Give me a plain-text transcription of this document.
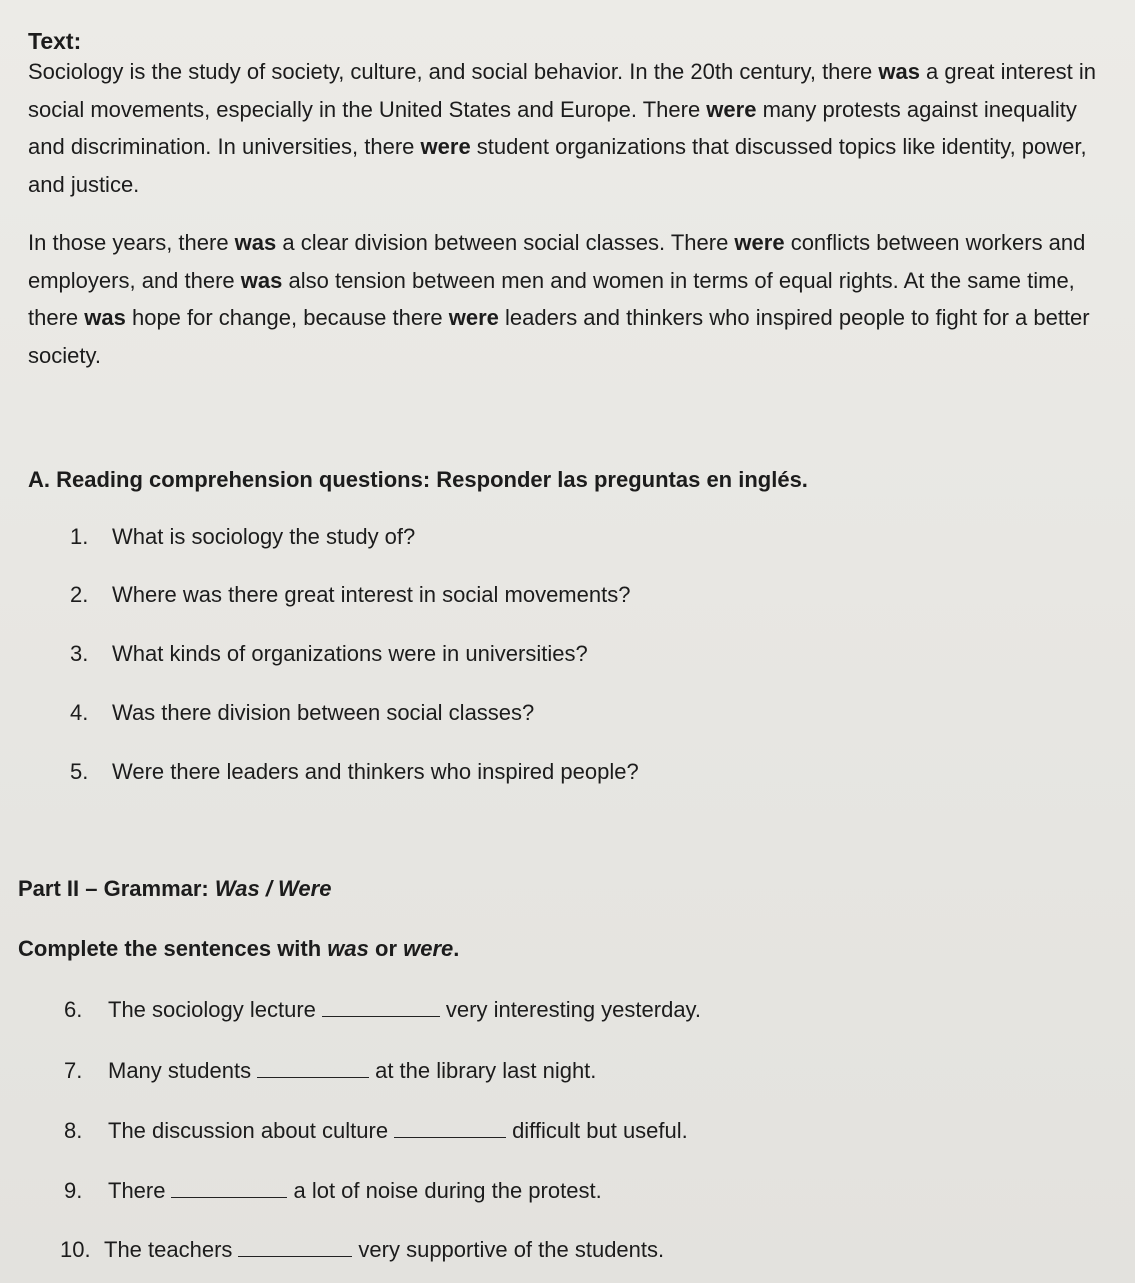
Text:

Sociology is the study of society, culture, and social behavior. In the 20th century, there was a great interest in social movements, especially in the United States and Europe. There were many protests against inequality and discrimination. In universities, there were student organizations that discussed topics like identity, power, and justice.

In those years, there was a clear division between social classes. There were conflicts between workers and employers, and there was also tension between men and women in terms of equal rights. At the same time, there was hope for change, because there were leaders and thinkers who inspired people to fight for a better society.

A. Reading comprehension questions: Responder las preguntas en inglés.
1. What is sociology the study of?
2. Where was there great interest in social movements?
3. What kinds of organizations were in universities?
4. Was there division between social classes?
5. Were there leaders and thinkers who inspired people?
Part II – Grammar: Was / Were
Complete the sentences with was or were.
6. The sociology lecture	very interesting yesterday.
7. Many students	at the library last night.
8. The discussion about culture	difficult but useful.
9. There	a lot of noise during the protest.
10. The teachers	very supportive of the students.
